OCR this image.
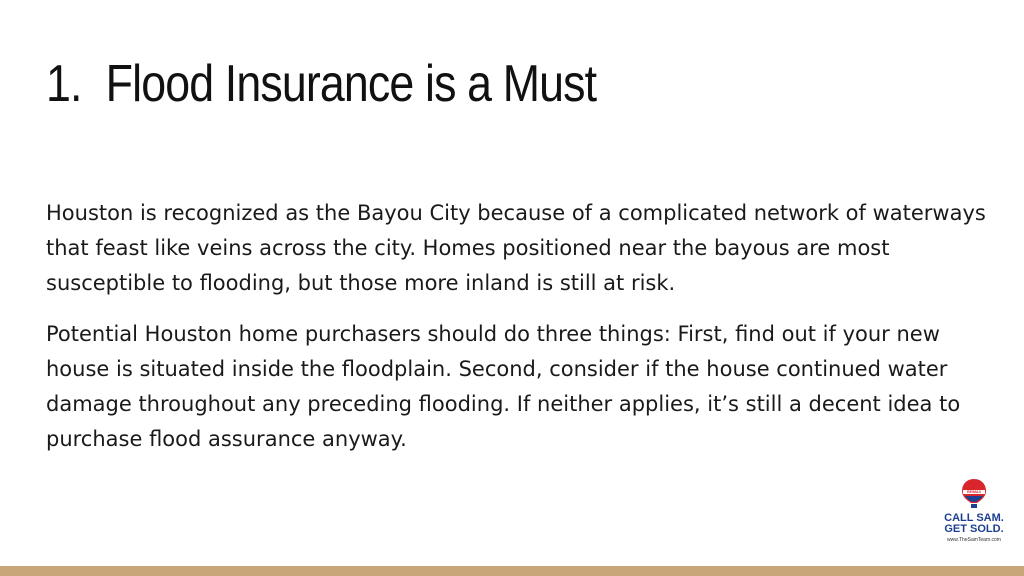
1. Flood Insurance is a Must

Houston is recognized as the Bayou City because of a complicated network of waterways that feast like veins across the city. Homes positioned near the bayous are most susceptible to flooding, but those more inland is still at risk.

Potential Houston home purchasers should do three things: First, find out if your new house is situated inside the floodplain. Second, consider if the house continued water damage throughout any preceding flooding. If neither applies, it’s still a decent idea to purchase flood assurance anyway.

RE/MAX
CALL SAM.
GET SOLD.
www.TheSamTeam.com
